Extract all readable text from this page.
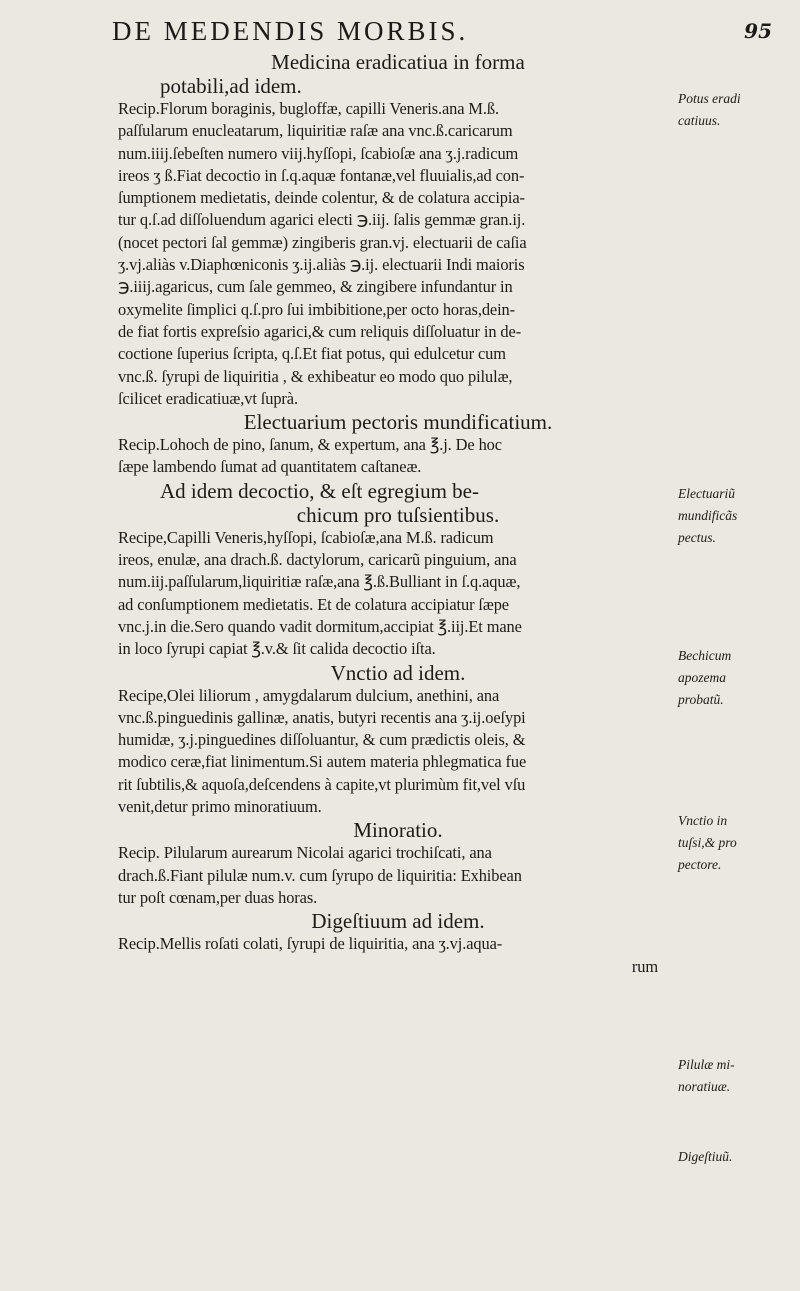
DE MEDENDIS MORBIS.	95
Medicina eradicatiua in forma
potabili,ad idem.
Recip.Florum boraginis, bugloffæ, capilli Veneris.ana M.ß.
paſſularum enucleatarum, liquiritiæ raſæ ana vnc.ß.caricarum
num.iiij.ſebeſten numero viij.hyſſopi, ſcabioſæ ana ʒ.j.radicum
ireos ʒ ß.Fiat decoctio in ſ.q.aquæ fontanæ,vel fluuialis,ad con-
ſumptionem medietatis, deinde colentur, & de colatura accipia-
tur q.ſ.ad diſſoluendum agarici electi ℈.iij. ſalis gemmæ gran.ij.
(nocet pectori ſal gemmæ) zingiberis gran.vj. electuarii de caſia
ʒ.vj.aliàs v.Diaphœniconis ʒ.ij.aliàs ℈.ij. electuarii Indi maioris
℈.iiij.agaricus, cum ſale gemmeo, & zingibere infundantur in
oxymelite ſimplici q.ſ.pro ſui imbibitione,per octo horas,dein-
de fiat fortis expreſsio agarici,& cum reliquis diſſoluatur in de-
coctione ſuperius ſcripta, q.ſ.Et fiat potus, qui edulcetur cum
vnc.ß. ſyrupi de liquiritia , & exhibeatur eo modo quo pilulæ,
ſcilicet eradicatiuæ,vt ſuprà.
Electuarium pectoris mundificatium.
Recip.Lohoch de pino, ſanum, & expertum, ana ℥.j. De hoc
ſæpe lambendo ſumat ad quantitatem caſtaneæ.
Ad idem decoctio, & eſt egregium be-
chicum pro tuſsientibus.
Recipe,Capilli Veneris,hyſſopi, ſcabioſæ,ana M.ß. radicum
ireos, enulæ, ana drach.ß. dactylorum, caricarũ pinguium, ana
num.iij.paſſularum,liquiritiæ raſæ,ana ℥.ß.Bulliant in ſ.q.aquæ,
ad conſumptionem medietatis. Et de colatura accipiatur ſæpe
vnc.j.in die.Sero quando vadit dormitum,accipiat ℥.iij.Et mane
in loco ſyrupi capiat ℥.v.& ſit calida decoctio iſta.
Vnctio ad idem.
Recipe,Olei liliorum , amygdalarum dulcium, anethini, ana
vnc.ß.pinguedinis gallinæ, anatis, butyri recentis ana ʒ.ij.oeſypi
humidæ, ʒ.j.pinguedines diſſoluantur, & cum prædictis oleis, &
modico ceræ,fiat linimentum.Si autem materia phlegmatica fue
rit ſubtilis,& aquoſa,deſcendens à capite,vt plurimùm fit,vel vſu
venit,detur primo minoratiuum.
Minoratio.
Recip. Pilularum aurearum Nicolai agarici trochiſcati, ana
drach.ß.Fiant pilulæ num.v. cum ſyrupo de liquiritia: Exhibean
tur poſt cœnam,per duas horas.
Digeſtiuum ad idem.
Recip.Mellis roſati colati, ſyrupi de liquiritia, ana ʒ.vj.aqua-
rum
Potus eradi
catiuus.
Electuariũ
mundificãs
pectus.
Bechicum
apozema
probatũ.
Vnctio in
tuſsi,& pro
pectore.
Pilulæ mi-
noratiuæ.
Digeſtiuũ.
